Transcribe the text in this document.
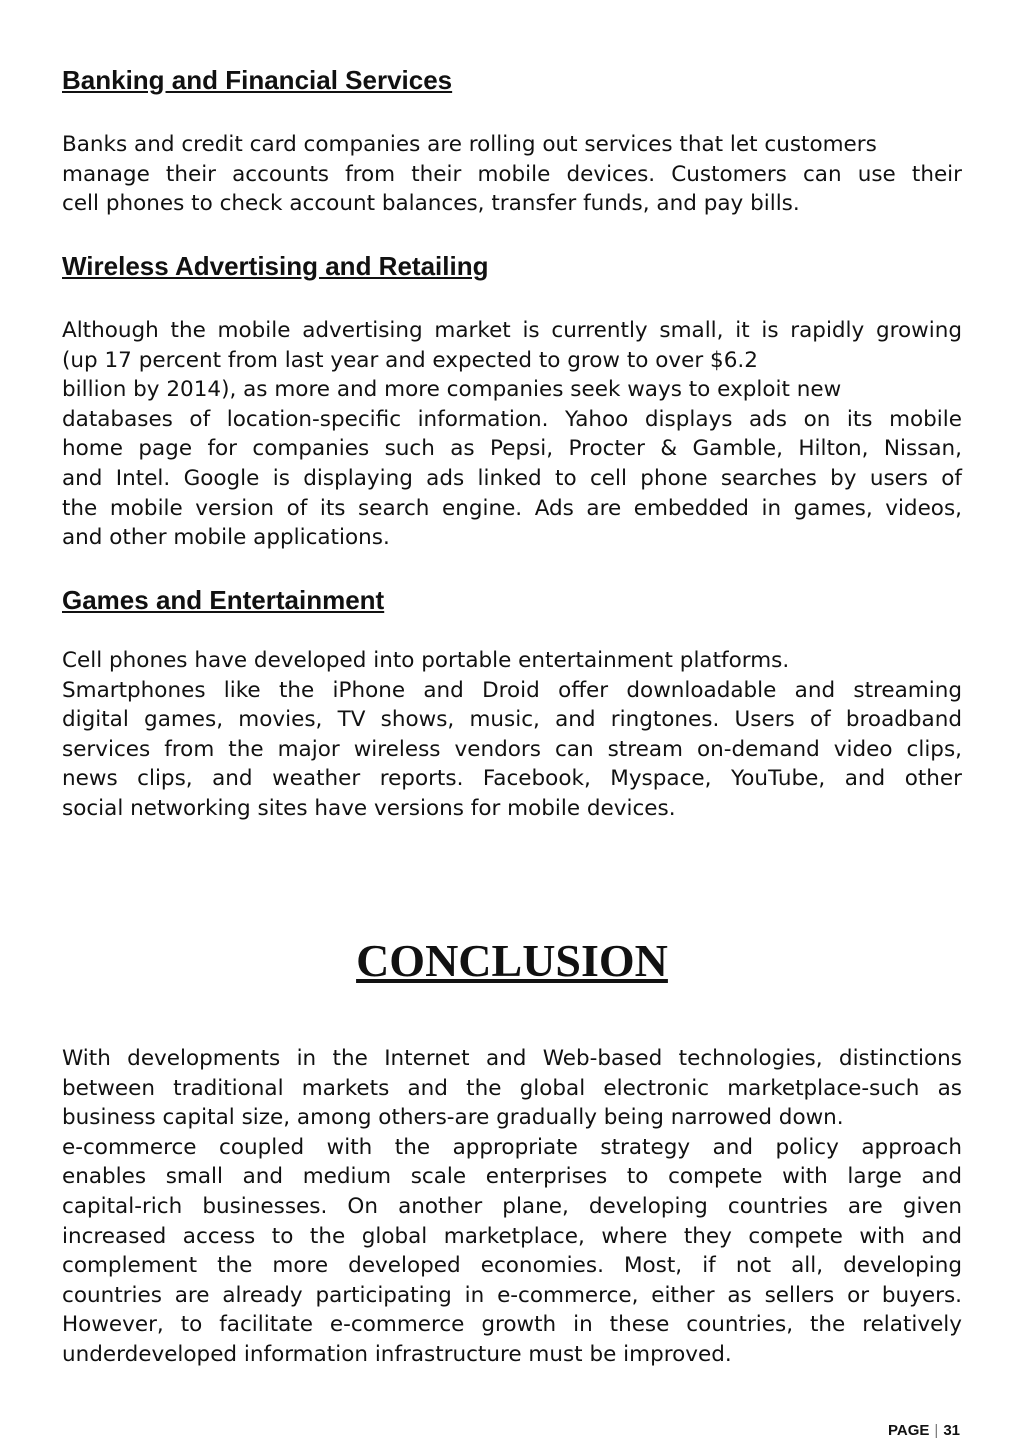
Banking and Financial Services
Banks and credit card companies are rolling out services that let customers
manage their accounts from their mobile devices. Customers can use their
cell phones to check account balances, transfer funds, and pay bills.
Wireless Advertising and Retailing
Although the mobile advertising market is currently small, it is rapidly growing
(up 17 percent from last year and expected to grow to over $6.2
billion by 2014), as more and more companies seek ways to exploit new
databases of location-specific information. Yahoo displays ads on its mobile
home page for companies such as Pepsi, Procter & Gamble, Hilton, Nissan,
and Intel. Google is displaying ads linked to cell phone searches by users of
the mobile version of its search engine. Ads are embedded in games, videos,
and other mobile applications.
Games and Entertainment
Cell phones have developed into portable entertainment platforms.
Smartphones like the iPhone and Droid offer downloadable and streaming
digital games, movies, TV shows, music, and ringtones. Users of broadband
services from the major wireless vendors can stream on-demand video clips,
news clips, and weather reports. Facebook, Myspace, YouTube, and other
social networking sites have versions for mobile devices.
CONCLUSION
With developments in the Internet and Web-based technologies, distinctions
between traditional markets and the global electronic marketplace-such as
business capital size, among others-are gradually being narrowed down.
e-commerce coupled with the appropriate strategy and policy approach
enables small and medium scale enterprises to compete with large and
capital-rich businesses. On another plane, developing countries are given
increased access to the global marketplace, where they compete with and
complement the more developed economies. Most, if not all, developing
countries are already participating in e-commerce, either as sellers or buyers.
However, to facilitate e-commerce growth in these countries, the relatively
underdeveloped information infrastructure must be improved.
PAGE | 31
